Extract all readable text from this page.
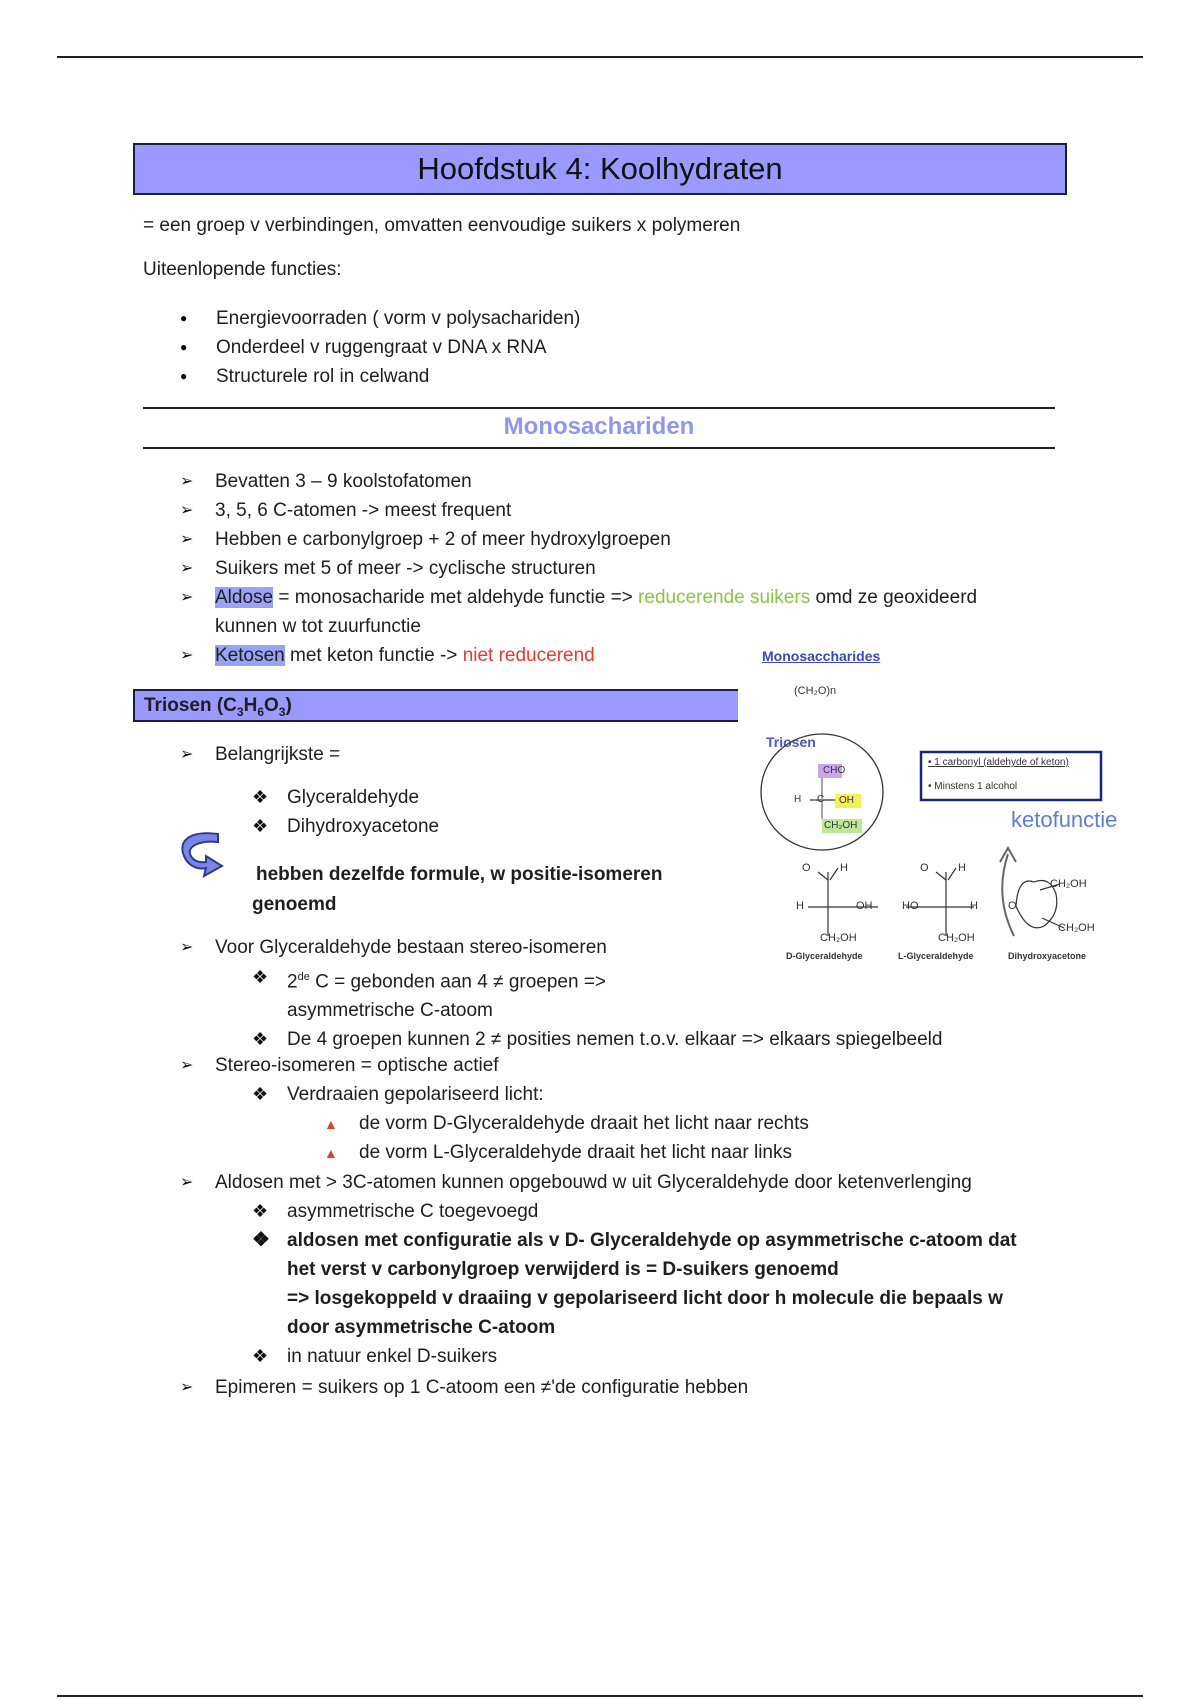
Hoofdstuk 4: Koolhydraten
= een groep v verbindingen, omvatten eenvoudige suikers x polymeren
Uiteenlopende functies:
● Energievoorraden ( vorm v polysachariden)
● Onderdeel v ruggengraat v DNA x RNA
● Structurele rol in celwand
Monosachariden
➢ Bevatten 3 – 9 koolstofatomen
➢ 3, 5, 6 C-atomen -> meest frequent
➢ Hebben e carbonylgroep + 2 of meer hydroxylgroepen
➢ Suikers met 5 of meer -> cyclische structuren
➢ Aldose = monosacharide met aldehyde functie => reducerende suikers omd ze geoxideerd
kunnen w tot zuurfunctie
➢ Ketosen met keton functie -> niet reducerend
Triosen $(C_3H_6O_3)$
➢ Belangrijkste =
❖ Glyceraldehyde
❖ Dihydroxyacetone
hebben dezelfde formule, w positie-isomeren
genoemd
➢ Voor Glyceraldehyde bestaan stereo-isomeren
❖ 2de C = gebonden aan 4 ≠ groepen =>
asymmetrische C-atoom
❖ De 4 groepen kunnen 2 ≠ posities nemen t.o.v. elkaar => elkaars spiegelbeeld
➢ Stereo-isomeren = optische actief
❖ Verdraaien gepolariseerd licht:
▲ de vorm D-Glyceraldehyde draait het licht naar rechts
▲ de vorm L-Glyceraldehyde draait het licht naar links
➢ Aldosen met > 3C-atomen kunnen opgebouwd w uit Glyceraldehyde door ketenverlenging
❖ asymmetrische C toegevoegd
❖ aldosen met configuratie als v D- Glyceraldehyde op asymmetrische c-atoom dat
het verst v carbonylgroep verwijderd is = D-suikers genoemd
=> losgekoppeld v draaiing v gepolariseerd licht door h molecule die bepaals w
door asymmetrische C-atoom
❖ in natuur enkel D-suikers
➢ Epimeren = suikers op 1 C-atoom een ≠'de configuratie hebben
Monosaccharides
(CH₂O)n
Triosen
• 1 carbonyl (aldehyde of keton)
• Minstens 1 alcohol
ketofunctie
CHO
H C OH
CH₂OH
O	H
H	OH
CH₂OH
O	H
HO	H
CH₂OH
O
CH₂OH
CH₂OH
D-Glyceraldehyde	L-Glyceraldehyde	Dihydroxyacetone
